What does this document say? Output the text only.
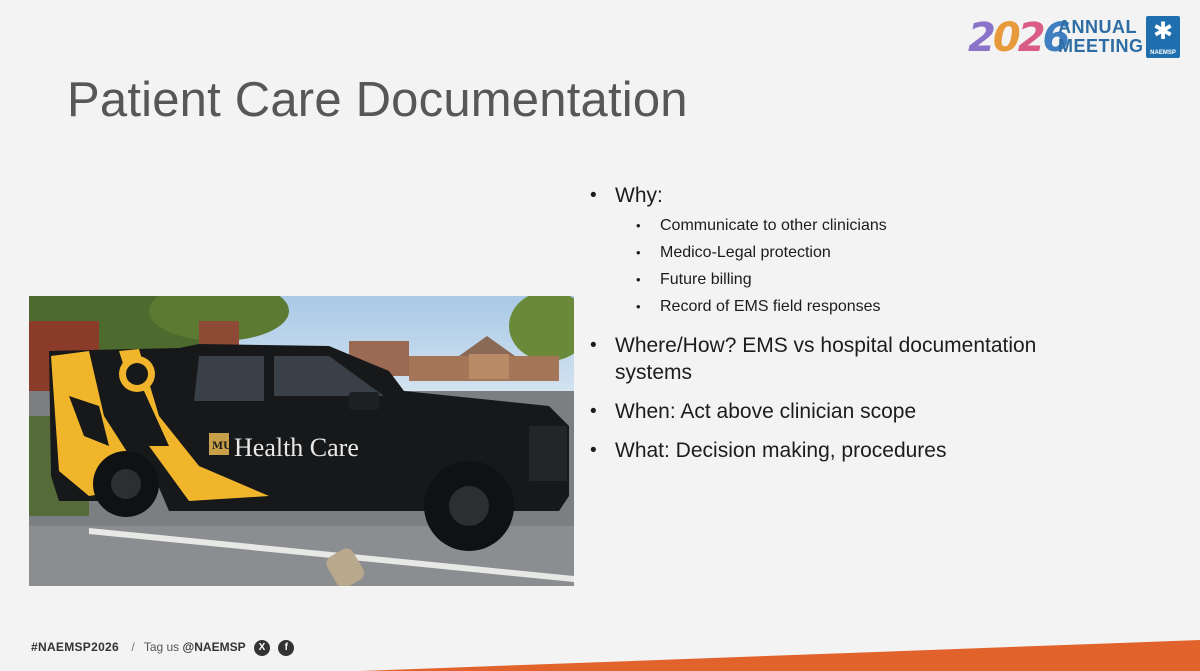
2026
ANNUAL
MEETING
✱
NAEMSP
Patient Care Documentation
MU Health Care
• Why:
• Communicate to other clinicians
• Medico-Legal protection
• Future billing
• Record of EMS field responses
• Where/How? EMS vs hospital documentation
systems
• When: Act above clinician scope
• What: Decision making, procedures
#NAEMSP2026 / Tag us @NAEMSP X f
